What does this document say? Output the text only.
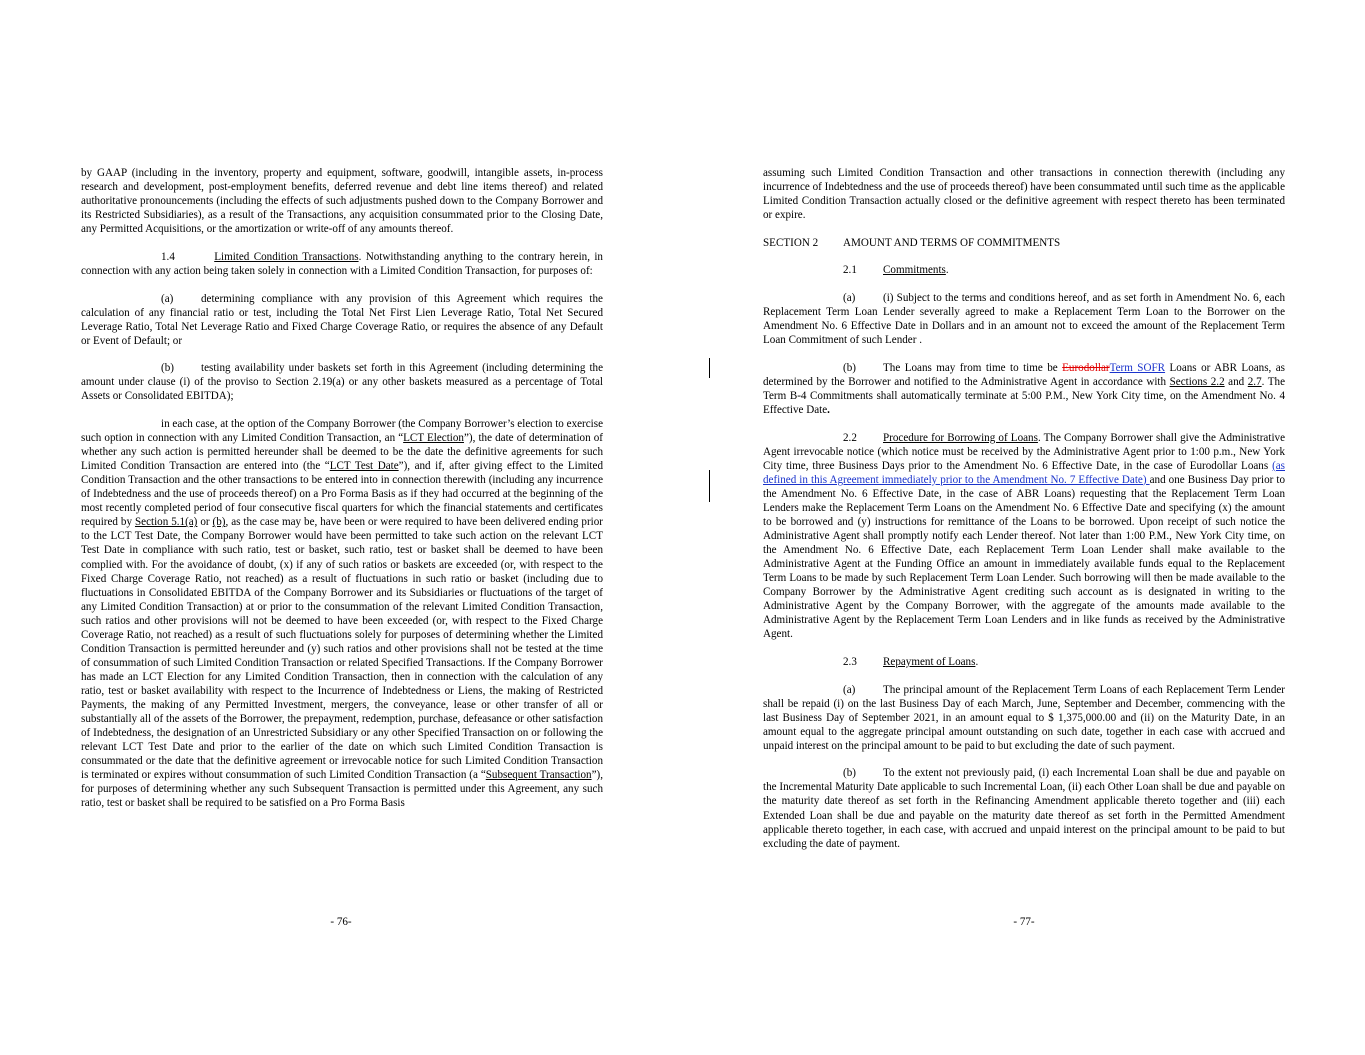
by GAAP (including in the inventory, property and equipment, software, goodwill, intangible assets, in-process research and development, post-employment benefits, deferred revenue and debt line items thereof) and related authoritative pronouncements (including the effects of such adjustments pushed down to the Company Borrower and its Restricted Subsidiaries), as a result of the Transactions, any acquisition consummated prior to the Closing Date, any Permitted Acquisitions, or the amortization or write-off of any amounts thereof.

1.4	Limited Condition Transactions. Notwithstanding anything to the contrary herein, in connection with any action being taken solely in connection with a Limited Condition Transaction, for purposes of:

(a) determining compliance with any provision of this Agreement which requires the calculation of any financial ratio or test, including the Total Net First Lien Leverage Ratio, Total Net Secured Leverage Ratio, Total Net Leverage Ratio and Fixed Charge Coverage Ratio, or requires the absence of any Default or Event of Default; or

(b) testing availability under baskets set forth in this Agreement (including determining the amount under clause (i) of the proviso to Section 2.19(a) or any other baskets measured as a percentage of Total Assets or Consolidated EBITDA);

in each case, at the option of the Company Borrower (the Company Borrower’s election to exercise such option in connection with any Limited Condition Transaction, an “LCT Election”), the date of determination of whether any such action is permitted hereunder shall be deemed to be the date the definitive agreements for such Limited Condition Transaction are entered into (the “LCT Test Date”), and if, after giving effect to the Limited Condition Transaction and the other transactions to be entered into in connection therewith (including any incurrence of Indebtedness and the use of proceeds thereof) on a Pro Forma Basis as if they had occurred at the beginning of the most recently completed period of four consecutive fiscal quarters for which the financial statements and certificates required by Section 5.1(a) or (b), as the case may be, have been or were required to have been delivered ending prior to the LCT Test Date, the Company Borrower would have been permitted to take such action on the relevant LCT Test Date in compliance with such ratio, test or basket, such ratio, test or basket shall be deemed to have been complied with. For the avoidance of doubt, (x) if any of such ratios or baskets are exceeded (or, with respect to the Fixed Charge Coverage Ratio, not reached) as a result of fluctuations in such ratio or basket (including due to fluctuations in Consolidated EBITDA of the Company Borrower and its Subsidiaries or fluctuations of the target of any Limited Condition Transaction) at or prior to the consummation of the relevant Limited Condition Transaction, such ratios and other provisions will not be deemed to have been exceeded (or, with respect to the Fixed Charge Coverage Ratio, not reached) as a result of such fluctuations solely for purposes of determining whether the Limited Condition Transaction is permitted hereunder and (y) such ratios and other provisions shall not be tested at the time of consummation of such Limited Condition Transaction or related Specified Transactions. If the Company Borrower has made an LCT Election for any Limited Condition Transaction, then in connection with the calculation of any ratio, test or basket availability with respect to the Incurrence of Indebtedness or Liens, the making of Restricted Payments, the making of any Permitted Investment, mergers, the conveyance, lease or other transfer of all or substantially all of the assets of the Borrower, the prepayment, redemption, purchase, defeasance or other satisfaction of Indebtedness, the designation of an Unrestricted Subsidiary or any other Specified Transaction on or following the relevant LCT Test Date and prior to the earlier of the date on which such Limited Condition Transaction is consummated or the date that the definitive agreement or irrevocable notice for such Limited Condition Transaction is terminated or expires without consummation of such Limited Condition Transaction (a “Subsequent Transaction”), for purposes of determining whether any such Subsequent Transaction is permitted under this Agreement, any such ratio, test or basket shall be required to be satisfied on a Pro Forma Basis

- 76-

assuming such Limited Condition Transaction and other transactions in connection therewith (including any incurrence of Indebtedness and the use of proceeds thereof) have been consummated until such time as the applicable Limited Condition Transaction actually closed or the definitive agreement with respect thereto has been terminated or expire.

SECTION 2 AMOUNT AND TERMS OF COMMITMENTS

2.1 Commitments.

(a) (i) Subject to the terms and conditions hereof, and as set forth in Amendment No. 6, each Replacement Term Loan Lender severally agreed to make a Replacement Term Loan to the Borrower on the Amendment No. 6 Effective Date in Dollars and in an amount not to exceed the amount of the Replacement Term Loan Commitment of such Lender .

(b) The Loans may from time to time be EurodollarTerm SOFR Loans or ABR Loans, as determined by the Borrower and notified to the Administrative Agent in accordance with Sections 2.2 and 2.7. The Term B-4 Commitments shall automatically terminate at 5:00 P.M., New York City time, on the Amendment No. 4 Effective Date.

2.2 Procedure for Borrowing of Loans. The Company Borrower shall give the Administrative Agent irrevocable notice (which notice must be received by the Administrative Agent prior to 1:00 p.m., New York City time, three Business Days prior to the Amendment No. 6 Effective Date, in the case of Eurodollar Loans (as defined in this Agreement immediately prior to the Amendment No. 7 Effective Date) and one Business Day prior to the Amendment No. 6 Effective Date, in the case of ABR Loans) requesting that the Replacement Term Loan Lenders make the Replacement Term Loans on the Amendment No. 6 Effective Date and specifying (x) the amount to be borrowed and (y) instructions for remittance of the Loans to be borrowed. Upon receipt of such notice the Administrative Agent shall promptly notify each Lender thereof. Not later than 1:00 P.M., New York City time, on the Amendment No. 6 Effective Date, each Replacement Term Loan Lender shall make available to the Administrative Agent at the Funding Office an amount in immediately available funds equal to the Replacement Term Loans to be made by such Replacement Term Loan Lender. Such borrowing will then be made available to the Company Borrower by the Administrative Agent crediting such account as is designated in writing to the Administrative Agent by the Company Borrower, with the aggregate of the amounts made available to the Administrative Agent by the Replacement Term Loan Lenders and in like funds as received by the Administrative Agent.

2.3 Repayment of Loans.

(a) The principal amount of the Replacement Term Loans of each Replacement Term Lender shall be repaid (i) on the last Business Day of each March, June, September and December, commencing with the last Business Day of September 2021, in an amount equal to $ 1,375,000.00 and (ii) on the Maturity Date, in an amount equal to the aggregate principal amount outstanding on such date, together in each case with accrued and unpaid interest on the principal amount to be paid to but excluding the date of such payment.

(b) To the extent not previously paid, (i) each Incremental Loan shall be due and payable on the Incremental Maturity Date applicable to such Incremental Loan, (ii) each Other Loan shall be due and payable on the maturity date thereof as set forth in the Refinancing Amendment applicable thereto together and (iii) each Extended Loan shall be due and payable on the maturity date thereof as set forth in the Permitted Amendment applicable thereto together, in each case, with accrued and unpaid interest on the principal amount to be paid to but excluding the date of payment.

- 77-
